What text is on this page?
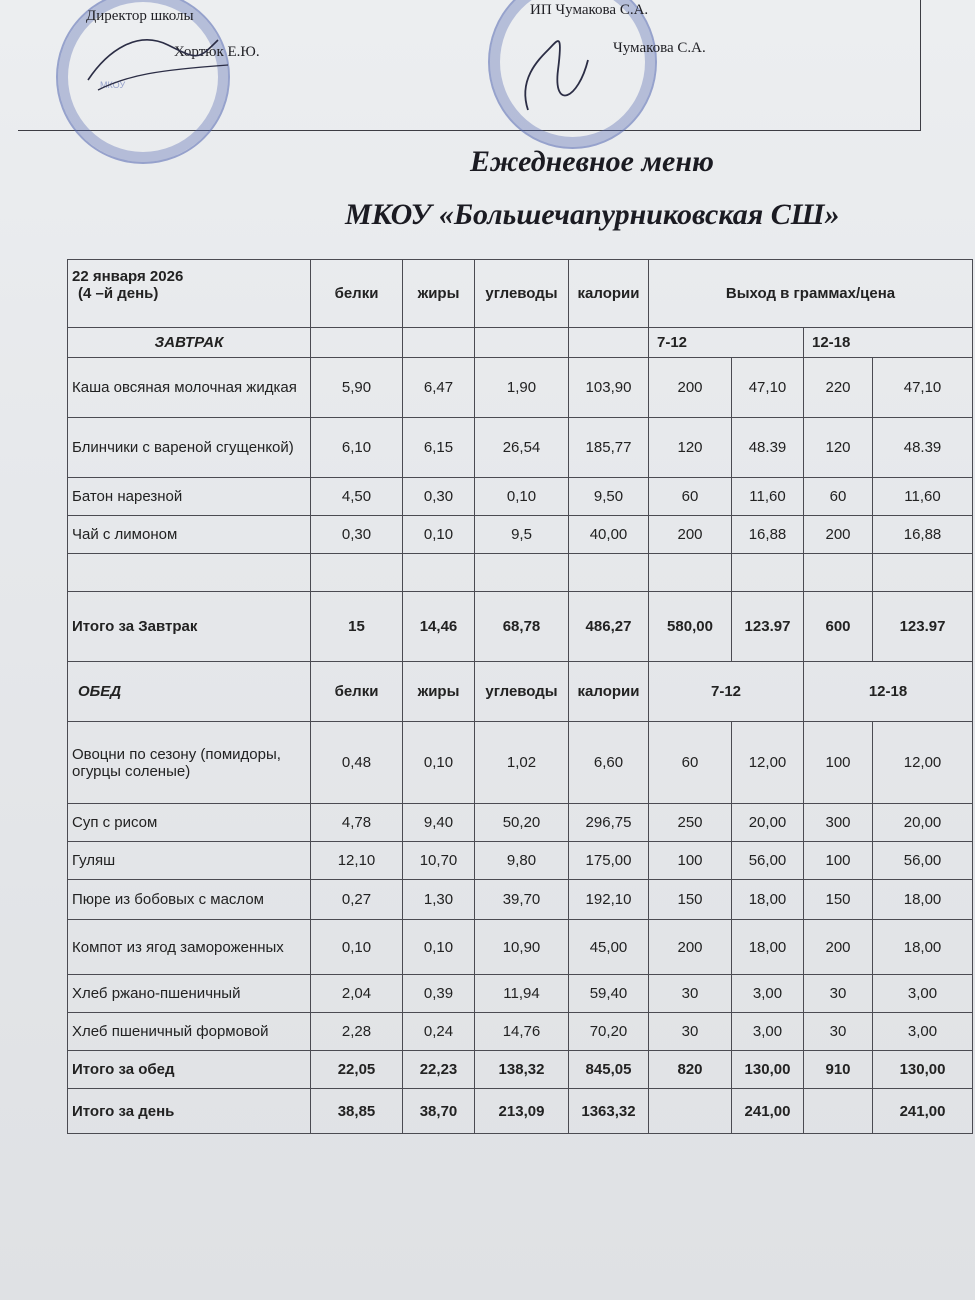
МКОУ
Директор школы
Хортюк Е.Ю.
ИП Чумакова С.А.
Чумакова С.А.
Ежедневное меню
МКОУ «Большечапурниковская СШ»
22 января 2026
(4 –й день)	белки	жиры	углеводы	калории	Выход в граммах/цена			
ЗАВТРАК					7-12		12-18	
Каша овсяная молочная жидкая	5,90	6,47	1,90	103,90	200	47,10	220	47,10
Блинчики с вареной сгущенкой)	6,10	6,15	26,54	185,77	120	48.39	120	48.39
Батон нарезной	4,50	0,30	0,10	9,50	60	11,60	60	11,60
Чай с лимоном	0,30	0,10	9,5	40,00	200	16,88	200	16,88

Итого за Завтрак	15	14,46	68,78	486,27	580,00	123.97	600	123.97
ОБЕД	белки	жиры	углеводы	калории	7-12		12-18	
Овоцни по сезону (помидоры, огурцы соленые)	0,48	0,10	1,02	6,60	60	12,00	100	12,00
Суп с рисом	4,78	9,40	50,20	296,75	250	20,00	300	20,00
Гуляш	12,10	10,70	9,80	175,00	100	56,00	100	56,00
Пюре из бобовых с маслом	0,27	1,30	39,70	192,10	150	18,00	150	18,00
Компот из ягод замороженных	0,10	0,10	10,90	45,00	200	18,00	200	18,00
Хлеб ржано-пшеничный	2,04	0,39	11,94	59,40	30	3,00	30	3,00
Хлеб пшеничный формовой	2,28	0,24	14,76	70,20	30	3,00	30	3,00
Итого за обед	22,05	22,23	138,32	845,05	820	130,00	910	130,00
Итого за день	38,85	38,70	213,09	1363,32		241,00		241,00
